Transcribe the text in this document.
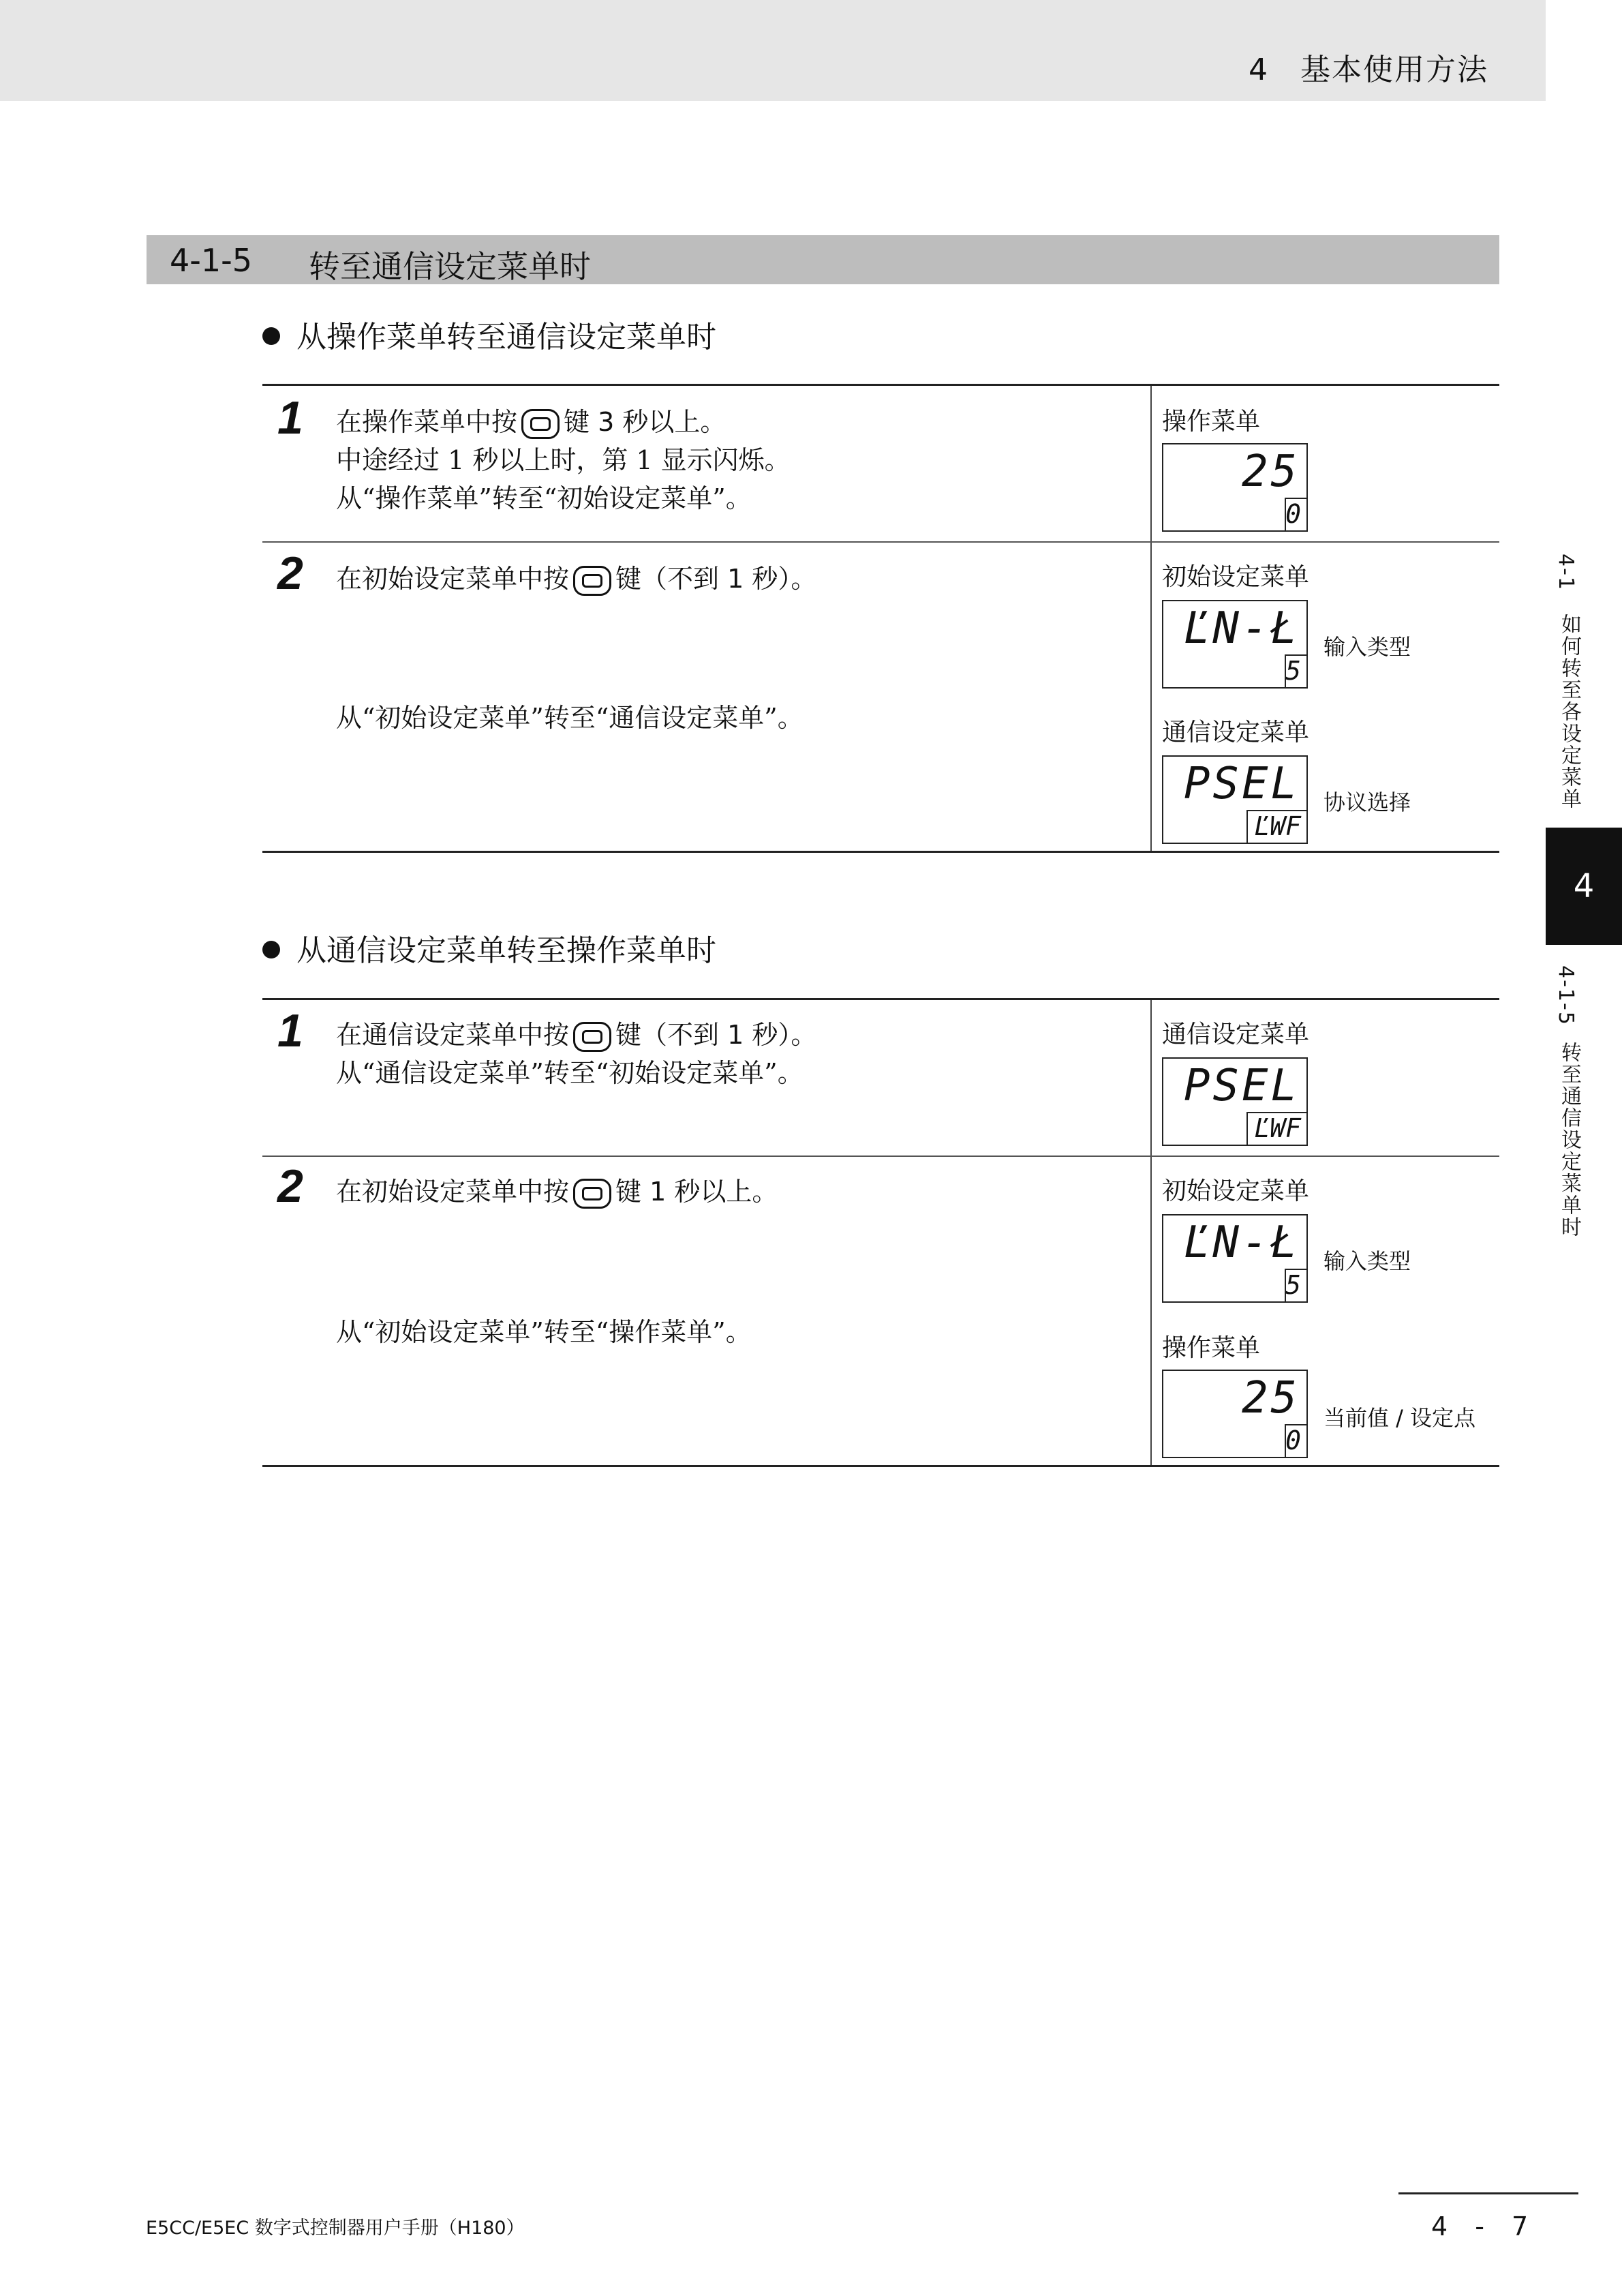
4　基本使用方法
4-1-5 转至通信设定菜单时
从操作菜单转至通信设定菜单时
1 在操作菜单中按 键 3 秒以上。
中途经过 1 秒以上时，第 1 显示闪烁。
从“操作菜单”转至“初始设定菜单”。
操作菜单
25
0
2 在初始设定菜单中按 键（不到 1 秒）。
从“初始设定菜单”转至“通信设定菜单”。
初始设定菜单
ĽN-Ł
5
输入类型
通信设定菜单
PSEL
ĽWF
协议选择
从通信设定菜单转至操作菜单时
1 在通信设定菜单中按 键（不到 1 秒）。
从“通信设定菜单”转至“初始设定菜单”。
通信设定菜单
PSEL
ĽWF
2 在初始设定菜单中按 键 1 秒以上。
从“初始设定菜单”转至“操作菜单”。
初始设定菜单
ĽN-Ł
5
输入类型
操作菜单
25
0
当前值 / 设定点
4-1
如何转至各设定菜单
4
4-1-5
转至通信设定菜单时
E5CC/E5EC 数字式控制器用户手册（H180）	4 - 7
